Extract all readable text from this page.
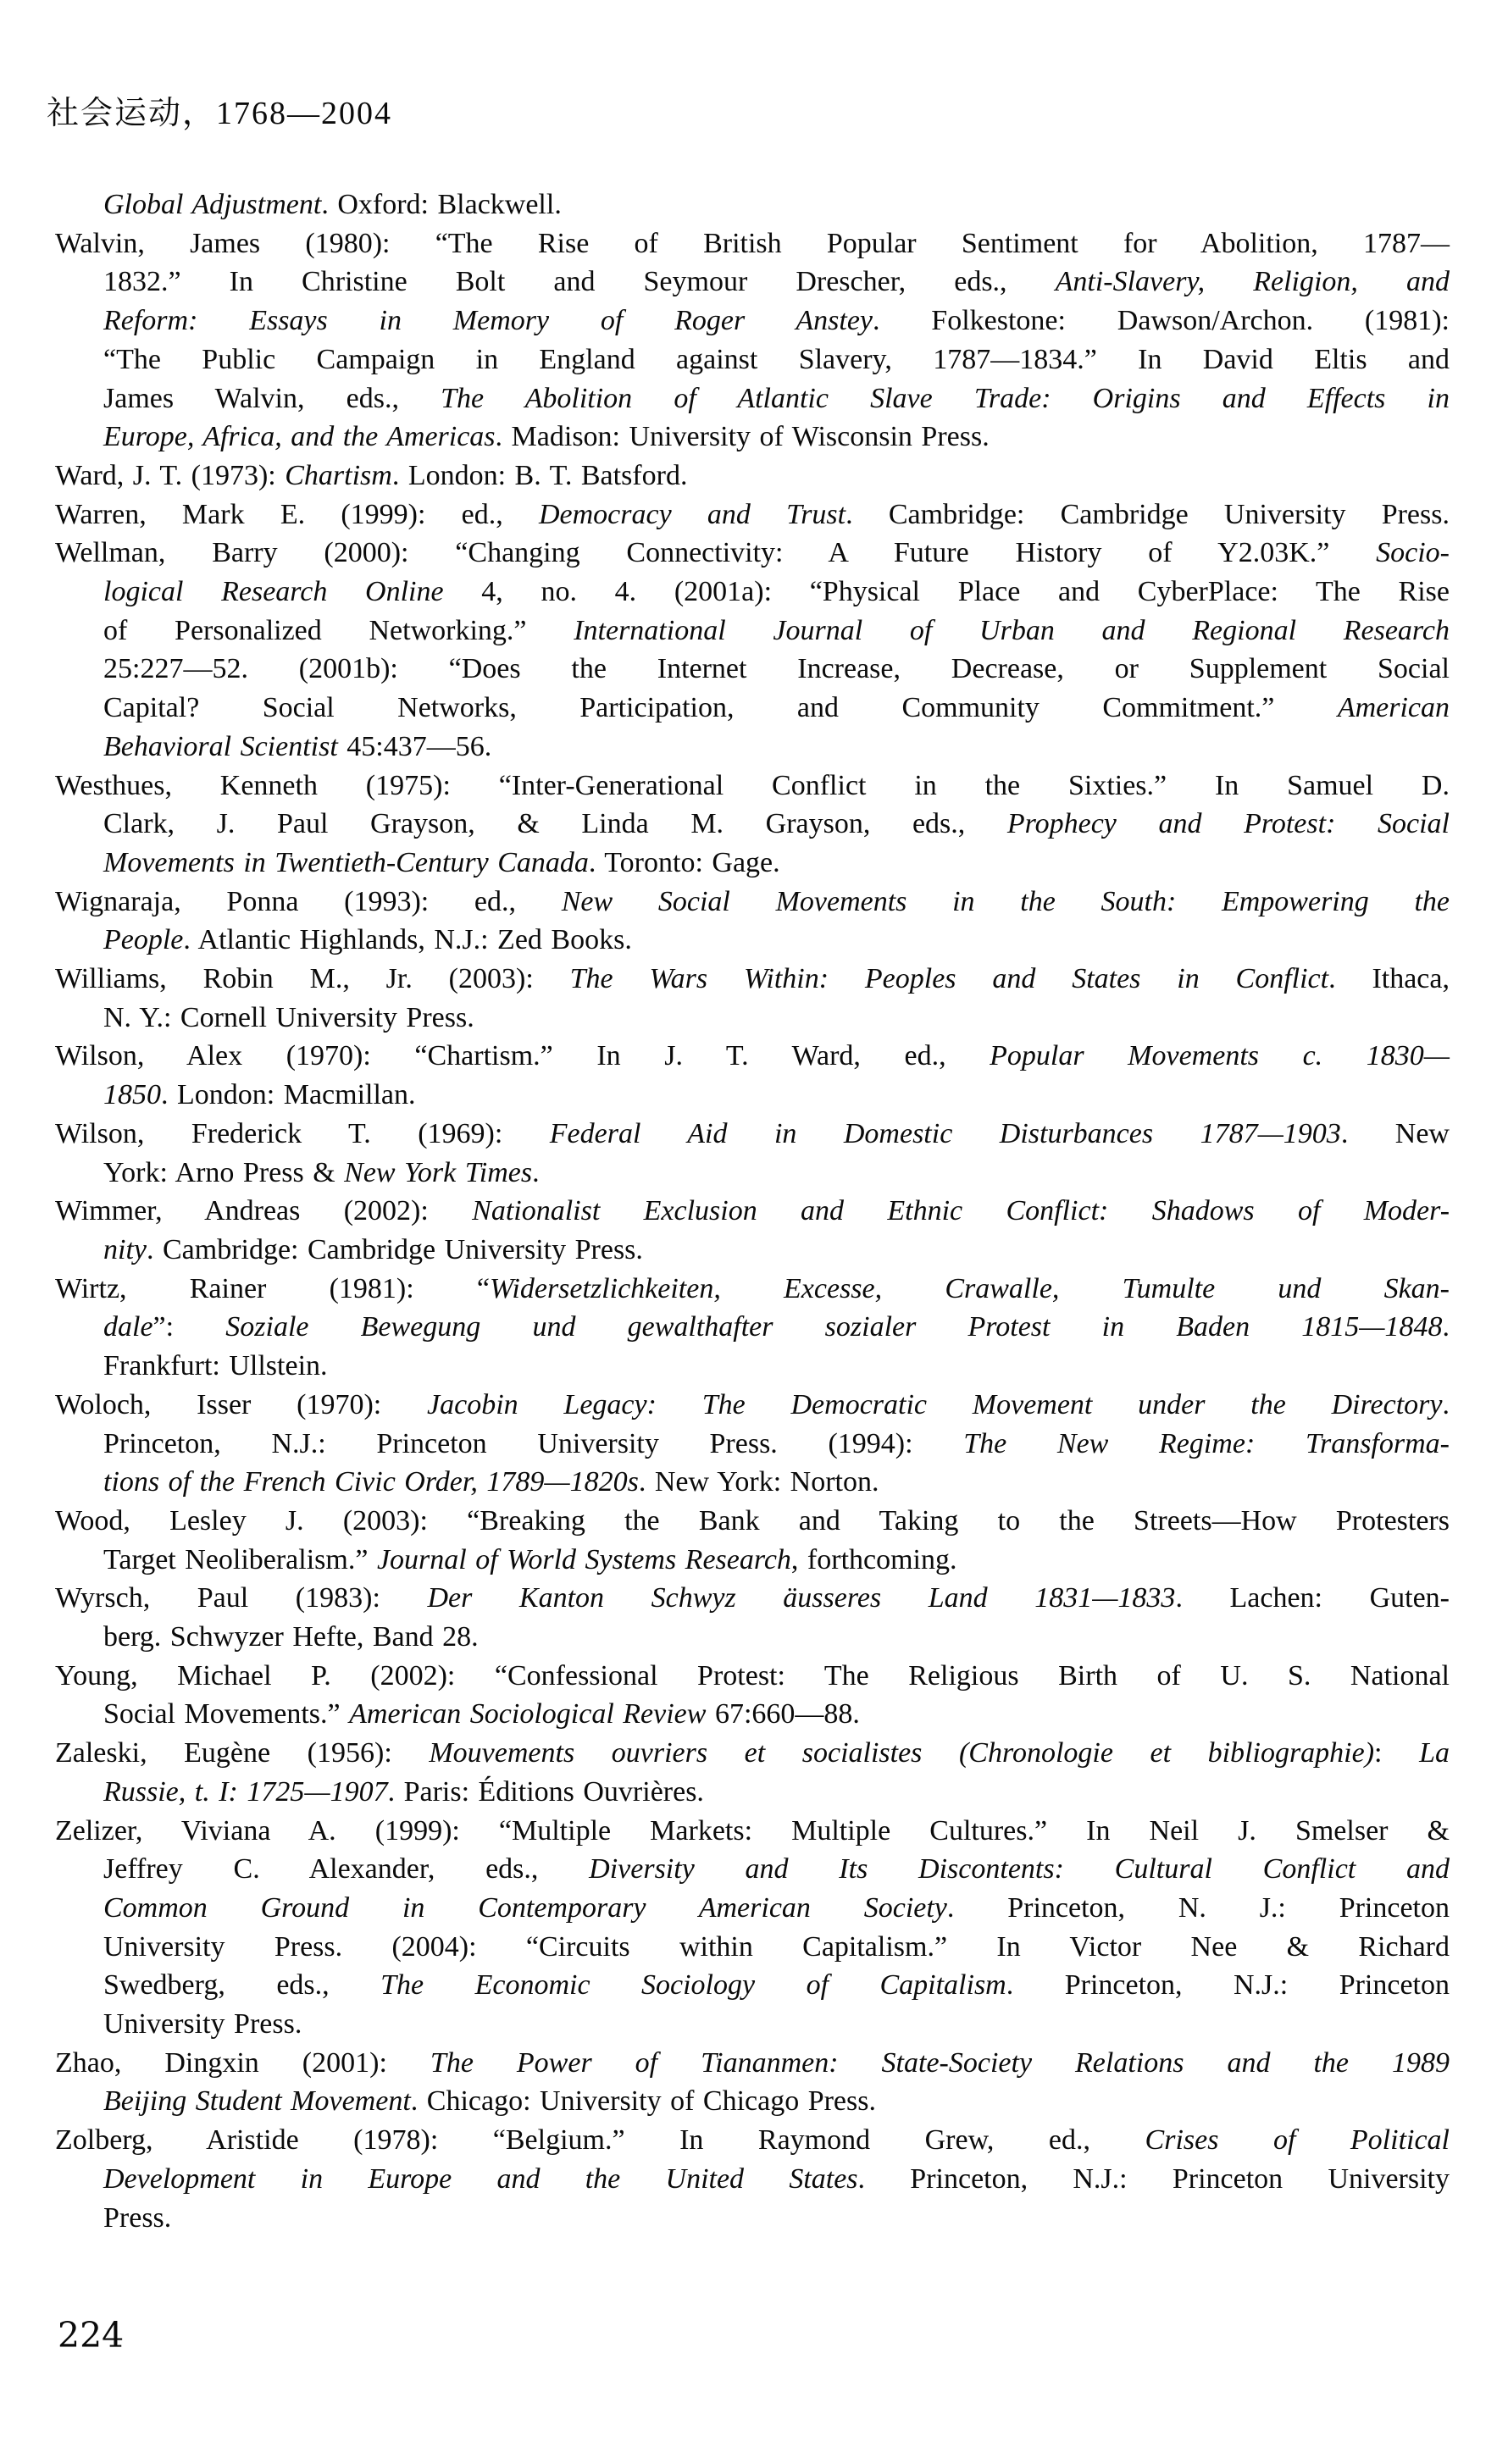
社会运动，1768—2004
Global Adjustment. Oxford: Blackwell.
Walvin, James (1980): “The Rise of British Popular Sentiment for Abolition, 1787—
1832.” In Christine Bolt and Seymour Drescher, eds., Anti-Slavery, Religion, and
Reform: Essays in Memory of Roger Anstey. Folkestone: Dawson/Archon. (1981):
“The Public Campaign in England against Slavery, 1787—1834.” In David Eltis and
James Walvin, eds., The Abolition of Atlantic Slave Trade: Origins and Effects in
Europe, Africa, and the Americas. Madison: University of Wisconsin Press.
Ward, J. T. (1973): Chartism. London: B. T. Batsford.
Warren, Mark E. (1999): ed., Democracy and Trust. Cambridge: Cambridge University Press.
Wellman, Barry (2000): “Changing Connectivity: A Future History of Y2.03K.” Socio-
logical Research Online 4, no. 4. (2001a): “Physical Place and CyberPlace: The Rise
of Personalized Networking.” International Journal of Urban and Regional Research
25:227—52. (2001b): “Does the Internet Increase, Decrease, or Supplement Social
Capital? Social Networks, Participation, and Community Commitment.” American
Behavioral Scientist 45:437—56.
Westhues, Kenneth (1975): “Inter-Generational Conflict in the Sixties.” In Samuel D.
Clark, J. Paul Grayson, & Linda M. Grayson, eds., Prophecy and Protest: Social
Movements in Twentieth-Century Canada. Toronto: Gage.
Wignaraja, Ponna (1993): ed., New Social Movements in the South: Empowering the
People. Atlantic Highlands, N.J.: Zed Books.
Williams, Robin M., Jr. (2003): The Wars Within: Peoples and States in Conflict. Ithaca,
N. Y.: Cornell University Press.
Wilson, Alex (1970): “Chartism.” In J. T. Ward, ed., Popular Movements c. 1830—
1850. London: Macmillan.
Wilson, Frederick T. (1969): Federal Aid in Domestic Disturbances 1787—1903. New
York: Arno Press & New York Times.
Wimmer, Andreas (2002): Nationalist Exclusion and Ethnic Conflict: Shadows of Moder-
nity. Cambridge: Cambridge University Press.
Wirtz, Rainer (1981): “Widersetzlichkeiten, Excesse, Crawalle, Tumulte und Skan-
dale”: Soziale Bewegung und gewalthafter sozialer Protest in Baden 1815—1848.
Frankfurt: Ullstein.
Woloch, Isser (1970): Jacobin Legacy: The Democratic Movement under the Directory.
Princeton, N.J.: Princeton University Press. (1994): The New Regime: Transforma-
tions of the French Civic Order, 1789—1820s. New York: Norton.
Wood, Lesley J. (2003): “Breaking the Bank and Taking to the Streets—How Protesters
Target Neoliberalism.” Journal of World Systems Research, forthcoming.
Wyrsch, Paul (1983): Der Kanton Schwyz äusseres Land 1831—1833. Lachen: Guten-
berg. Schwyzer Hefte, Band 28.
Young, Michael P. (2002): “Confessional Protest: The Religious Birth of U. S. National
Social Movements.” American Sociological Review 67:660—88.
Zaleski, Eugène (1956): Mouvements ouvriers et socialistes (Chronologie et bibliographie): La
Russie, t. I: 1725—1907. Paris: Éditions Ouvrières.
Zelizer, Viviana A. (1999): “Multiple Markets: Multiple Cultures.” In Neil J. Smelser &
Jeffrey C. Alexander, eds., Diversity and Its Discontents: Cultural Conflict and
Common Ground in Contemporary American Society. Princeton, N. J.: Princeton
University Press. (2004): “Circuits within Capitalism.” In Victor Nee & Richard
Swedberg, eds., The Economic Sociology of Capitalism. Princeton, N.J.: Princeton
University Press.
Zhao, Dingxin (2001): The Power of Tiananmen: State-Society Relations and the 1989
Beijing Student Movement. Chicago: University of Chicago Press.
Zolberg, Aristide (1978): “Belgium.” In Raymond Grew, ed., Crises of Political
Development in Europe and the United States. Princeton, N.J.: Princeton University
Press.
224
